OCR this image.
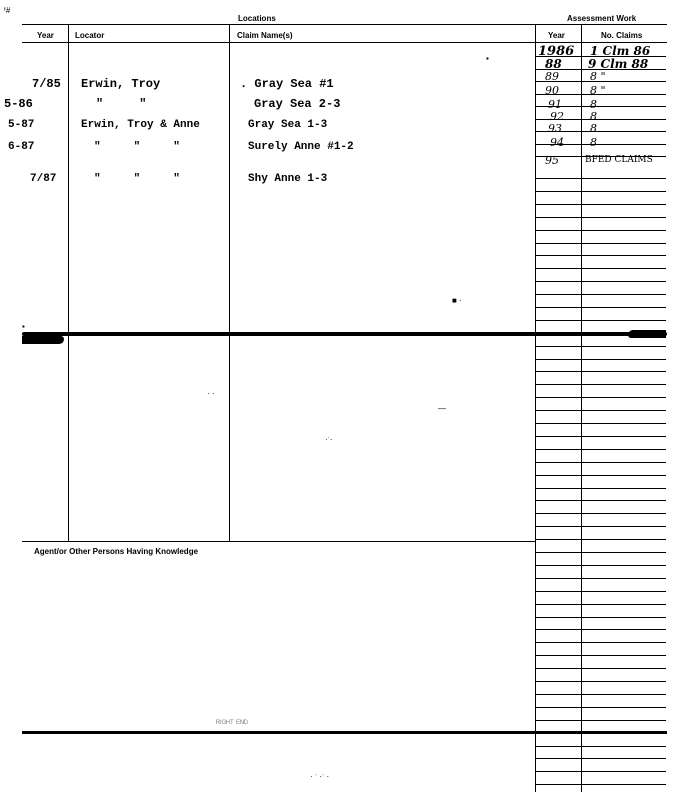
ᶠ#
Locations	Assessment Work
Year	Locator	Claim Name(s)	Year	No. Claims
Agent/or Other Persons Having Knowledge
ᴿᴵᴳᴴᵀ ᴱᴺᴰ
7/85 Erwin, Troy	. Gray Sea #1
5-86	"     "	Gray Sea 2-3
5-87	Erwin, Troy & Anne	Gray Sea 1-3
6-87	"     "     "	Surely Anne #1-2
7/87	"     "     "	Shy Anne 1-3
1986 1 Clm 86
88 9 Clm 88
89	8 "
90	8 "
91	8
92 8
93	8
94 8
95	BFED CLAIMS
■ ·
▪
· ·
—
·ˑ·
▪
· ˑ ·ˑ ·
